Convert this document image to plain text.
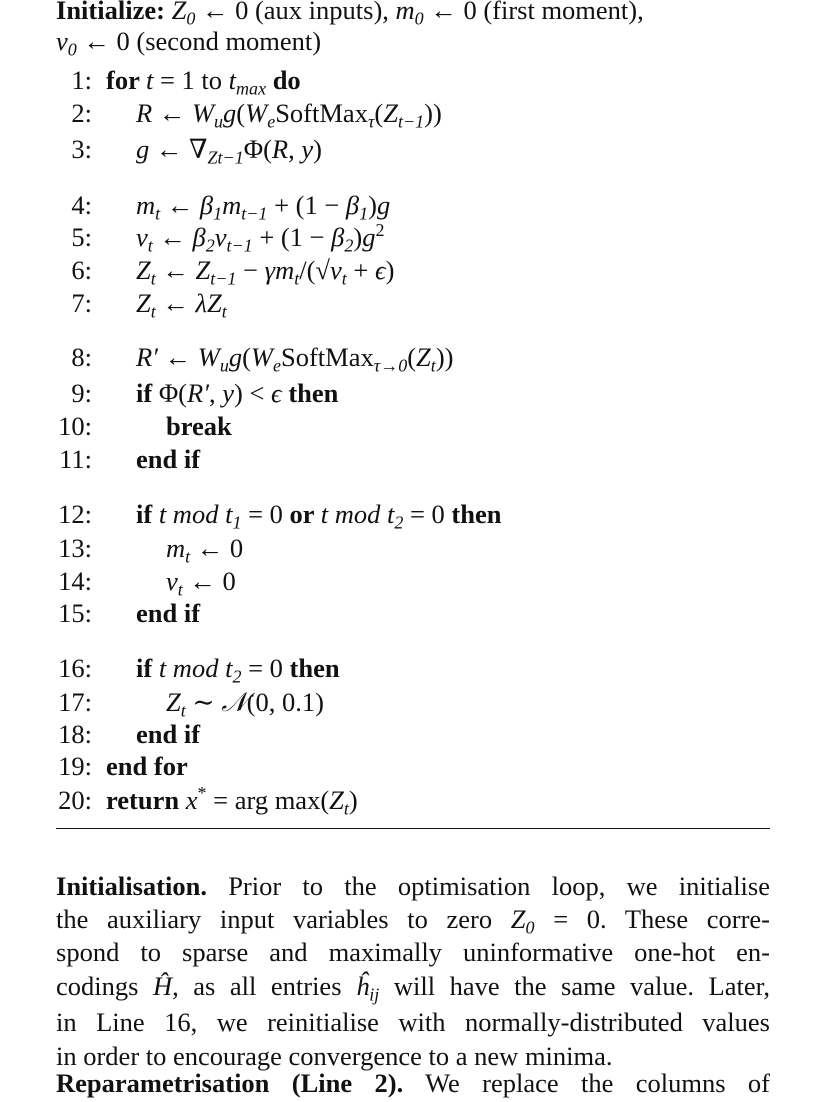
Initialize: $Z_0$ ← 0 (aux inputs), $m_0$ ← 0 (first moment),
$v_0$ ← 0 (second moment)
1: for t = 1 to $t_{max}$ do
2: R ← $W_ug(W_eSoftMax_\tau(Z_{t-1}))$
3: g ← $\nabla_{Zt-1}\Phi(R$, y)
4: $m_t$ ← $\beta_1m_{t-1} + (1 - \beta_1)g$
5: $v_t$ ← $\beta_2v_{t-1} + (1 - \beta_2)g^2$
6: $Z_t$ ← $Z_{t-1} - \gamma m_t/(√v_t + \epsilon)$
7: $Z_t$ ← $\lambda Z_t$
8: R′ ← $W_ug(W_eSoftMax_{\tau\to 0}(Z_t))$
9: if Φ(R′, y) < ϵ then
10:	break
11: end if
12: if t mod $t_1 = 0$ or t mod $t_2 = 0$ then
13:	$m_t$ ← 0
14:	$v_t$ ← 0
15: end if
16: if t mod $t_2 = 0$ then
17:	$Z_t$ ∼ 𝒩(0, 0.1)
18: end if
19: end for
20: return x* = arg $\max(Z_t)$
Initialisation. Prior to the optimisation loop, we initialise
the auxiliary input variables to zero $Z_0 = 0$. These corre-
spond to sparse and maximally uninformative one-hot en-
codings Ĥ, as all entries $ĥ_{ij}$ will have the same value. Later,
in Line 16, we reinitialise with normally-distributed values
in order to encourage convergence to a new minima.
Reparametrisation (Line 2). We replace the columns of
